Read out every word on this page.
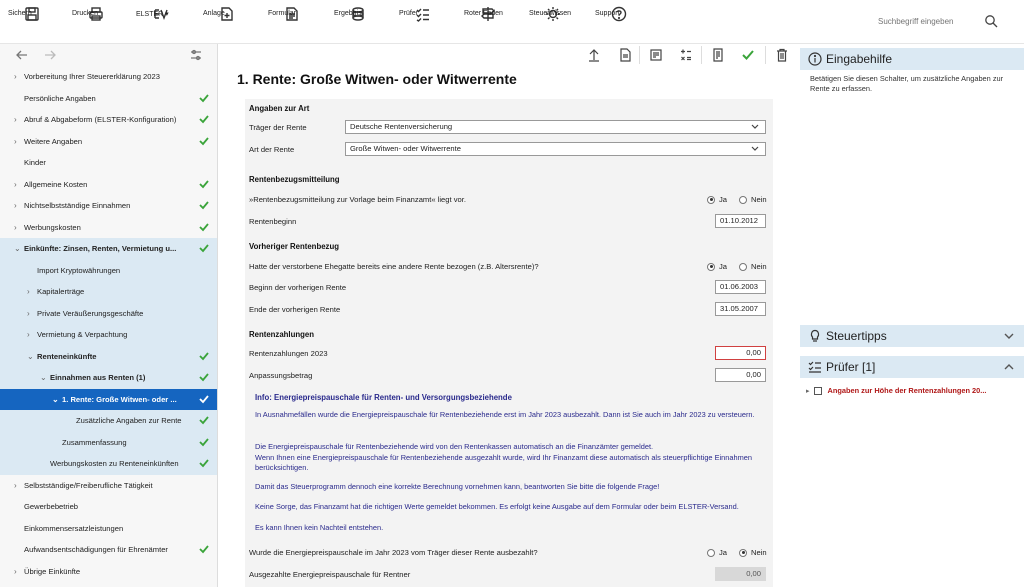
Sichern	Drucken	ELSTER ▾	Anlage	Formular	Ergebnis	Prüfer	Roter Faden	Steuerwissen	Support
Suchbegriff eingeben
› Vorbereitung Ihrer Steuererklärung 2023
Persönliche Angaben
› Abruf & Abgabeform (ELSTER-Konfiguration)
› Weitere Angaben
Kinder
› Allgemeine Kosten
› Nichtselbstständige Einnahmen
› Werbungskosten
⌄ Einkünfte: Zinsen, Renten, Vermietung u...
Import Kryptowährungen
› Kapitalerträge
› Private Veräußerungsgeschäfte
› Vermietung & Verpachtung
⌄ Renteneinkünfte
⌄ Einnahmen aus Renten (1)
⌄ 1. Rente: Große Witwen- oder ...
Zusätzliche Angaben zur Rente
Zusammenfassung
Werbungskosten zu Renteneinkünften
› Selbstständige/Freiberufliche Tätigkeit
Gewerbebetrieb
Einkommensersatzleistungen
Aufwandsentschädigungen für Ehrenämter
› Übrige Einkünfte
1. Rente: Große Witwen- oder Witwerrente
Angaben zur Art
Träger der Rente	Deutsche Rentenversicherung
Art der Rente	Große Witwen- oder Witwerrente
Rentenbezugsmitteilung
»Rentenbezugsmitteilung zur Vorlage beim Finanzamt« liegt vor.	Ja	Nein
Rentenbeginn	01.10.2012
Vorheriger Rentenbezug
Hatte der verstorbene Ehegatte bereits eine andere Rente bezogen (z.B. Altersrente)?	Ja	Nein
Beginn der vorherigen Rente	01.06.2003
Ende der vorherigen Rente	31.05.2007
Rentenzahlungen
Rentenzahlungen 2023	0,00
Anpassungsbetrag	0,00
Info: Energiepreispauschale für Renten- und Versorgungsbeziehende

In Ausnahmefällen wurde die Energiepreispauschale für Rentenbeziehende erst im Jahr 2023 ausbezahlt. Dann ist Sie auch im Jahr 2023 zu versteuern.

Die Energiepreispauschale für Rentenbeziehende wird von den Rentenkassen automatisch an die Finanzämter gemeldet.

Wenn Ihnen eine Energiepreispauschale für Rentenbeziehende ausgezahlt wurde, wird Ihr Finanzamt diese automatisch als steuerpflichtige Einnahmen berücksichtigen.

Damit das Steuerprogramm dennoch eine korrekte Berechnung vornehmen kann, beantworten Sie bitte die folgende Frage!

Keine Sorge, das Finanzamt hat die richtigen Werte gemeldet bekommen. Es erfolgt keine Ausgabe auf dem Formular oder beim ELSTER-Versand.

Es kann Ihnen kein Nachteil entstehen.

Wurde die Energiepreispauschale im Jahr 2023 vom Träger dieser Rente ausbezahlt?	Ja	Nein
Ausgezahlte Energiepreispauschale für Rentner	0,00
Eingabehilfe
Betätigen Sie diesen Schalter, um zusätzliche Angaben zur Rente zu erfassen.
Steuertipps
Prüfer [1]
▸ Angaben zur Höhe der Rentenzahlungen 20...
